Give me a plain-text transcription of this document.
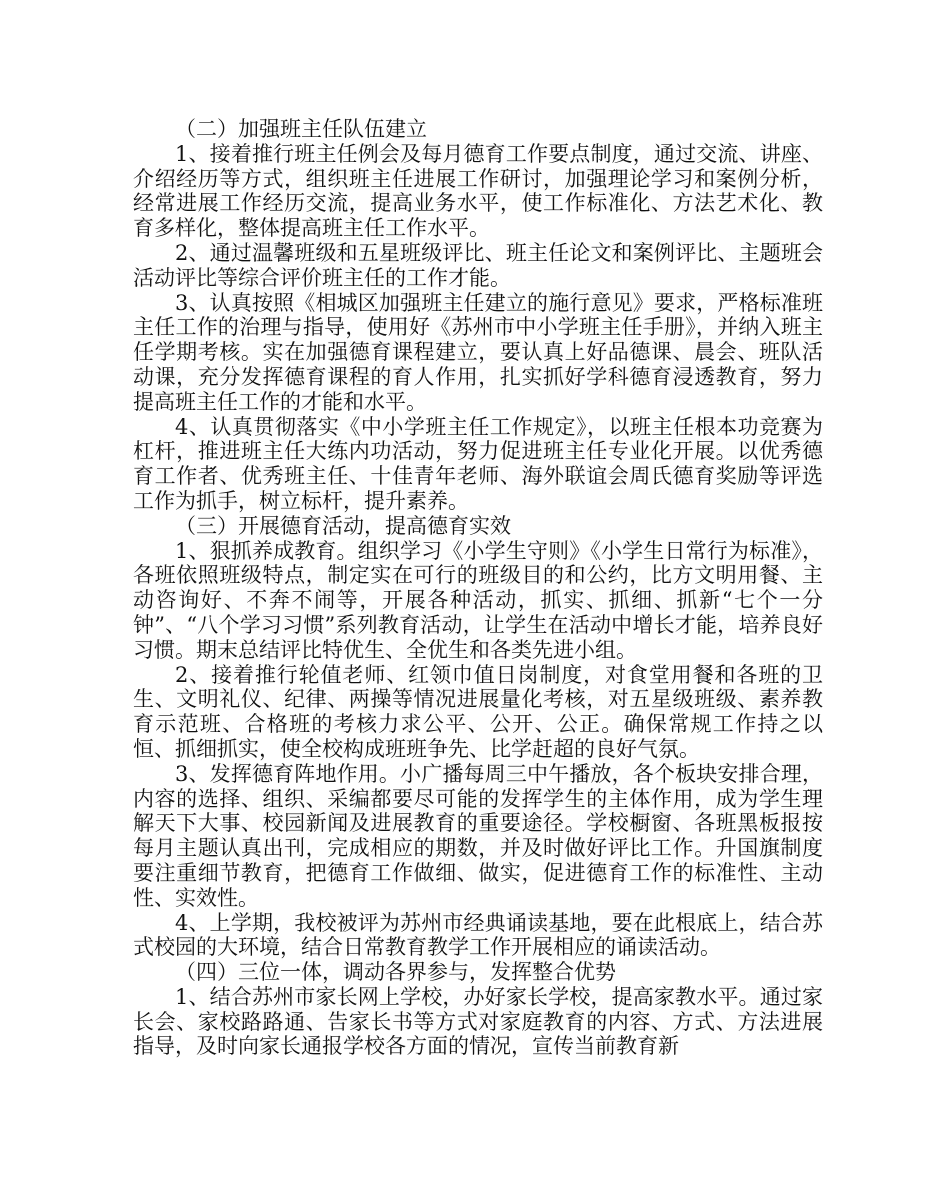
（二）加强班主任队伍建立

1、接着推行班主任例会及每月德育工作要点制度，通过交流、讲座、介绍经历等方式，组织班主任进展工作研讨，加强理论学习和案例分析，经常进展工作经历交流，提高业务水平，使工作标准化、方法艺术化、教育多样化，整体提高班主任工作水平。

2、通过温馨班级和五星班级评比、班主任论文和案例评比、主题班会活动评比等综合评价班主任的工作才能。

3、认真按照《相城区加强班主任建立的施行意见》要求，严格标准班主任工作的治理与指导，使用好《苏州市中小学班主任手册》，并纳入班主任学期考核。实在加强德育课程建立，要认真上好品德课、晨会、班队活动课，充分发挥德育课程的育人作用，扎实抓好学科德育浸透教育，努力提高班主任工作的才能和水平。

4、认真贯彻落实《中小学班主任工作规定》，以班主任根本功竞赛为杠杆，推进班主任大练内功活动，努力促进班主任专业化开展。以优秀德育工作者、优秀班主任、十佳青年老师、海外联谊会周氏德育奖励等评选工作为抓手，树立标杆，提升素养。

（三）开展德育活动，提高德育实效

1、狠抓养成教育。组织学习《小学生守则》《小学生日常行为标准》，各班依照班级特点，制定实在可行的班级目的和公约，比方文明用餐、主动咨询好、不奔不闹等，开展各种活动，抓实、抓细、抓新“七个一分钟”、“八个学习习惯”系列教育活动，让学生在活动中增长才能，培养良好习惯。期末总结评比特优生、全优生和各类先进小组。

2、接着推行轮值老师、红领巾值日岗制度，对食堂用餐和各班的卫生、文明礼仪、纪律、两操等情况进展量化考核，对五星级班级、素养教育示范班、合格班的考核力求公平、公开、公正。确保常规工作持之以恒、抓细抓实，使全校构成班班争先、比学赶超的良好气氛。

3、发挥德育阵地作用。小广播每周三中午播放，各个板块安排合理，内容的选择、组织、采编都要尽可能的发挥学生的主体作用，成为学生理解天下大事、校园新闻及进展教育的重要途径。学校橱窗、各班黑板报按每月主题认真出刊，完成相应的期数，并及时做好评比工作。升国旗制度要注重细节教育，把德育工作做细、做实，促进德育工作的标准性、主动性、实效性。

4、上学期，我校被评为苏州市经典诵读基地，要在此根底上，结合苏式校园的大环境，结合日常教育教学工作开展相应的诵读活动。

（四）三位一体，调动各界参与，发挥整合优势

1、结合苏州市家长网上学校，办好家长学校，提高家教水平。通过家长会、家校路路通、告家长书等方式对家庭教育的内容、方式、方法进展指导，及时向家长通报学校各方面的情况，宣传当前教育新
